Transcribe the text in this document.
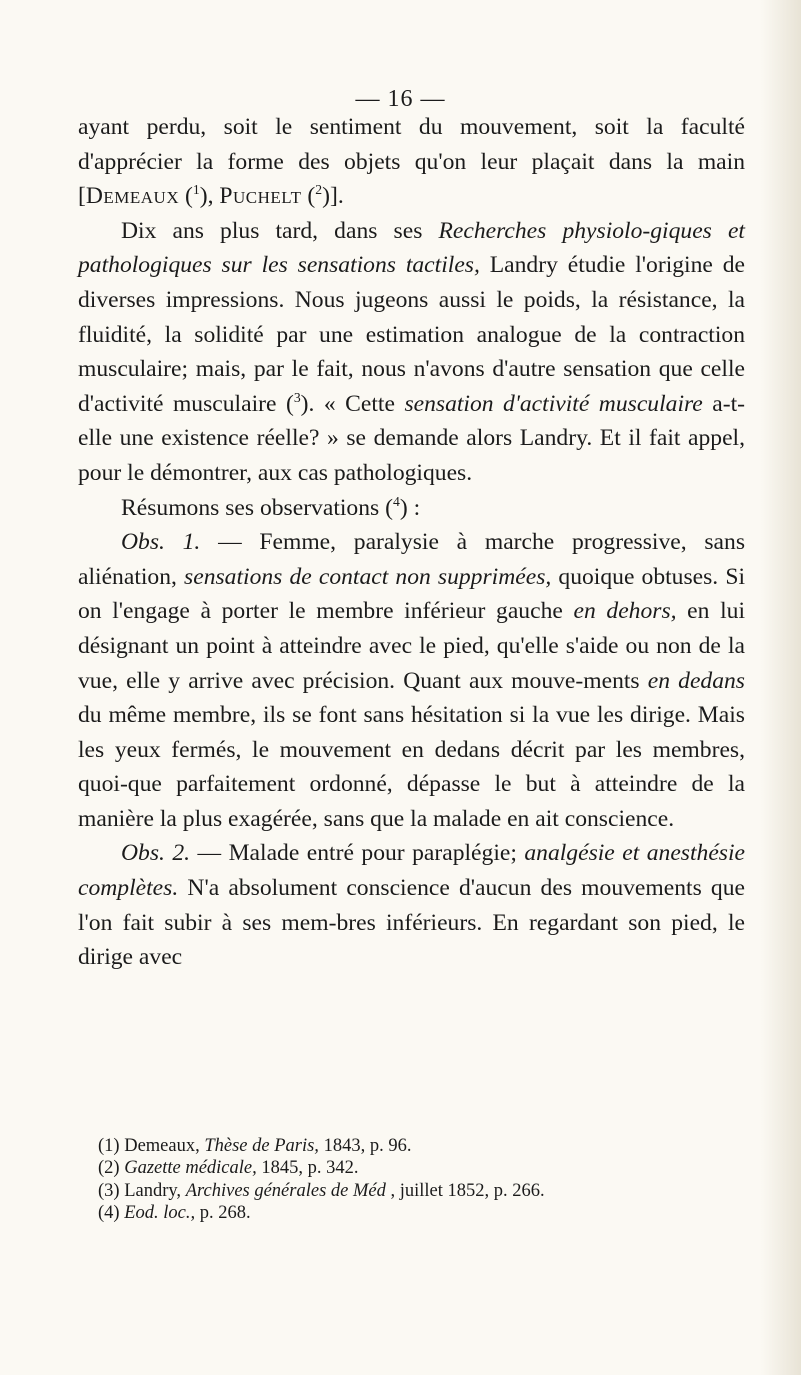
— 16 —

ayant perdu, soit le sentiment du mouvement, soit la faculté d'apprécier la forme des objets qu'on leur plaçait dans la main [Demeaux ($^1$), Puchelt ($^2$)].

Dix ans plus tard, dans ses Recherches physiolo-giques et pathologiques sur les sensations tactiles, Landry étudie l'origine de diverses impressions. Nous jugeons aussi le poids, la résistance, la fluidité, la solidité par une estimation analogue de la contraction musculaire; mais, par le fait, nous n'avons d'autre sensation que celle d'activité musculaire ($^3$). « Cette sensation d'activité musculaire a-t-elle une existence réelle? » se demande alors Landry. Et il fait appel, pour le démontrer, aux cas pathologiques.

Résumons ses observations ($^4$) :

Obs. 1. — Femme, paralysie à marche progressive, sans aliénation, sensations de contact non supprimées, quoique obtuses. Si on l'engage à porter le membre inférieur gauche en dehors, en lui désignant un point à atteindre avec le pied, qu'elle s'aide ou non de la vue, elle y arrive avec précision. Quant aux mouve-ments en dedans du même membre, ils se font sans hésitation si la vue les dirige. Mais les yeux fermés, le mouvement en dedans décrit par les membres, quoi-que parfaitement ordonné, dépasse le but à atteindre de la manière la plus exagérée, sans que la malade en ait conscience.

Obs. 2. — Malade entré pour paraplégie; analgésie et anesthésie complètes. N'a absolument conscience d'aucun des mouvements que l'on fait subir à ses mem-bres inférieurs. En regardant son pied, le dirige avec

(1) Demeaux, Thèse de Paris, 1843, p. 96.

(2) Gazette médicale, 1845, p. 342.

(3) Landry, Archives générales de Méd , juillet 1852, p. 266.

(4) Eod. loc., p. 268.
